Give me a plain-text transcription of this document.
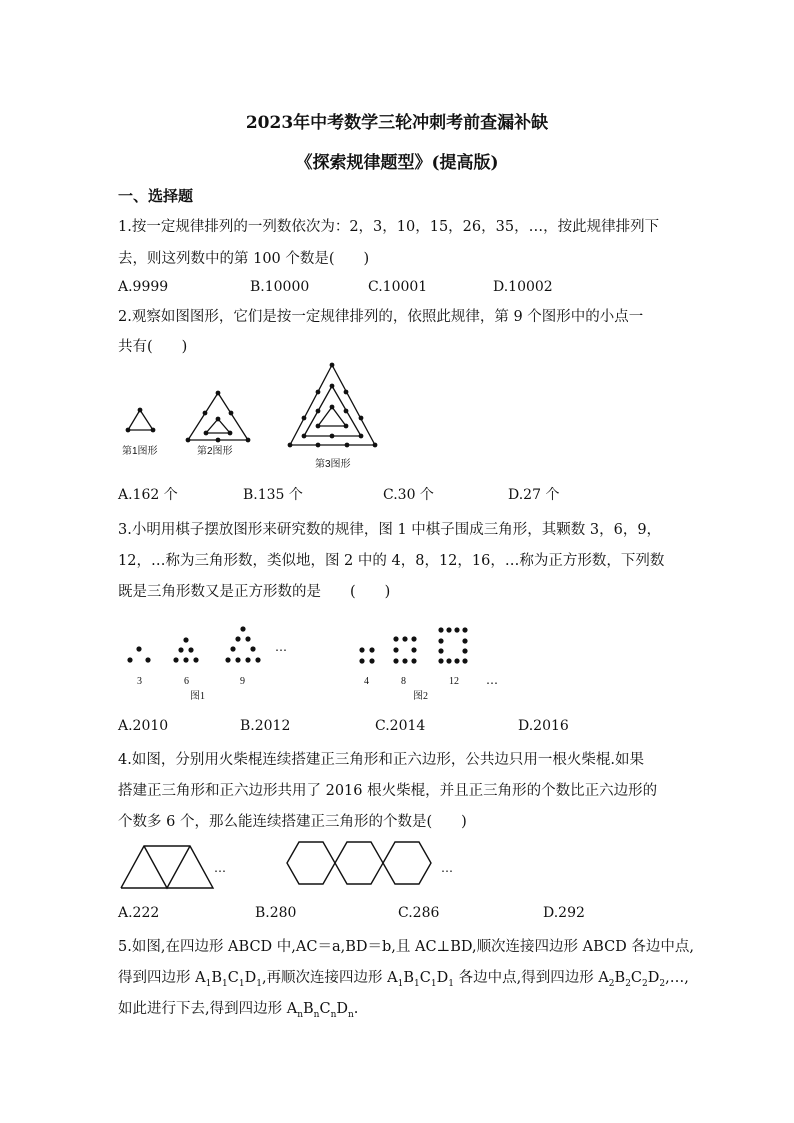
2023年中考数学三轮冲刺考前查漏补缺
《探索规律题型》(提高版)
一、选择题
1.按一定规律排列的一列数依次为：2，3，10，15，26，35，…，按此规律排列下
去，则这列数中的第 100 个数是(　　)
A.9999	B.10000	C.10001	D.10002
2.观察如图图形，它们是按一定规律排列的，依照此规律，第 9 个图形中的小点一
共有(　　)
第1图形	第2图形
第3图形
A.162 个	B.135 个	C.30 个	D.27 个
3.小明用棋子摆放图形来研究数的规律，图 1 中棋子围成三角形，其颗数 3，6，9，
12，…称为三角形数，类似地，图 2 中的 4，8，12，16，…称为正方形数，下列数
既是三角形数又是正方形数的是　　(　　)
3	6	9
图1
4	8	12
图2
…
…
A.2010	B.2012	C.2014	D.2016
4.如图，分别用火柴棍连续搭建正三角形和正六边形，公共边只用一根火柴棍.如果
搭建正三角形和正六边形共用了 2016 根火柴棍，并且正三角形的个数比正六边形的
个数多 6 个，那么能连续搭建正三角形的个数是(　　)
…	…
A.222	B.280	C.286	D.292
5.如图,在四边形 ABCD 中,AC＝a,BD＝b,且 AC⊥BD,顺次连接四边形 ABCD 各边中点,
得到四边形 $A_1B_1C_1D_1$,再顺次连接四边形 $A_1B_1C_1D_1$ 各边中点,得到四边形 $A_2B_2C_2D_2,\dots$,
如此进行下去,得到四边形 $A_nB_nC_nD_n$.
